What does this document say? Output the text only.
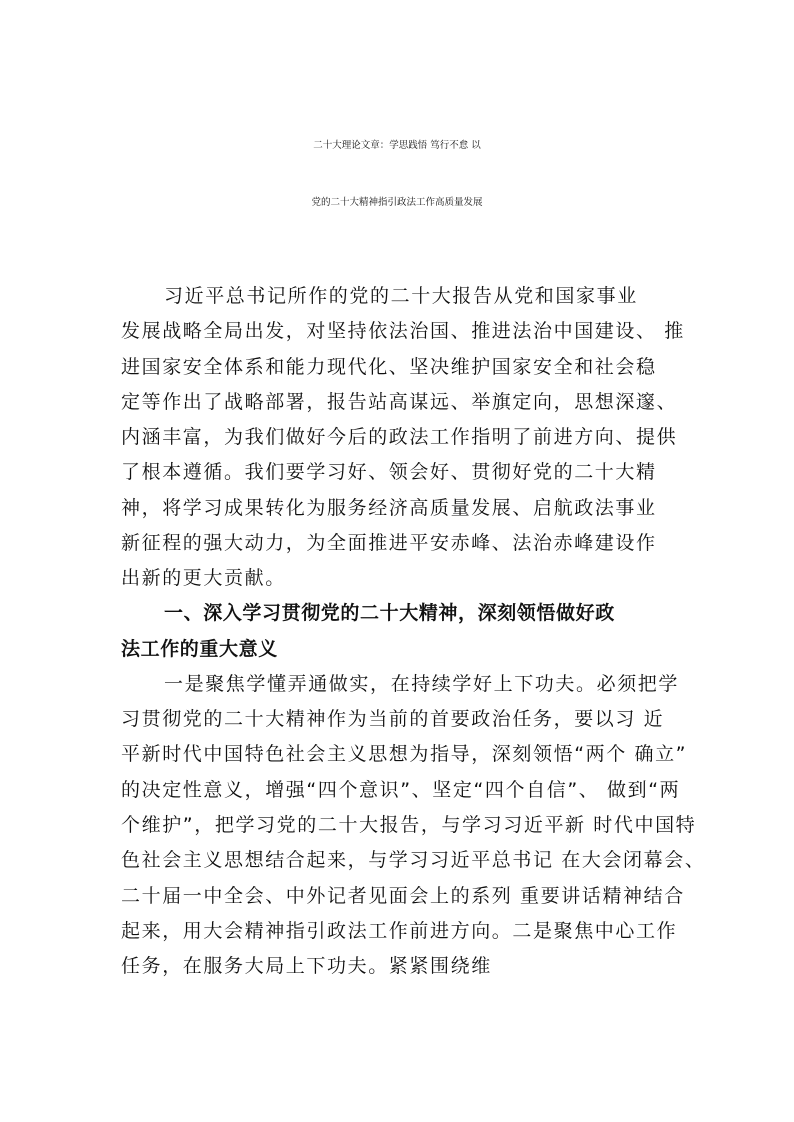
二十大理论文章：学思践悟 笃行不怠 以
党的二十大精神指引政法工作高质量发展
习近平总书记所作的党的二十大报告从党和国家事业
发展战略全局出发，对坚持依法治国、推进法治中国建设、 推
进国家安全体系和能力现代化、坚决维护国家安全和社会稳
定等作出了战略部署，报告站高谋远、举旗定向，思想深邃、
内涵丰富，为我们做好今后的政法工作指明了前进方向、提供
了根本遵循。我们要学习好、领会好、贯彻好党的二十大精
神，将学习成果转化为服务经济高质量发展、启航政法事业
新征程的强大动力，为全面推进平安赤峰、法治赤峰建设作
出新的更大贡献。
一、深入学习贯彻党的二十大精神，深刻领悟做好政
法工作的重大意义
一是聚焦学懂弄通做实，在持续学好上下功夫。必须把学
习贯彻党的二十大精神作为当前的首要政治任务，要以习 近
平新时代中国特色社会主义思想为指导，深刻领悟“两个 确立”
的决定性意义，增强“四个意识”、坚定“四个自信”、 做到“两
个维护”，把学习党的二十大报告，与学习习近平新 时代中国特
色社会主义思想结合起来，与学习习近平总书记 在大会闭幕会、
二十届一中全会、中外记者见面会上的系列 重要讲话精神结合
起来，用大会精神指引政法工作前进方向。二是聚焦中心工作
任务，在服务大局上下功夫。紧紧围绕维
